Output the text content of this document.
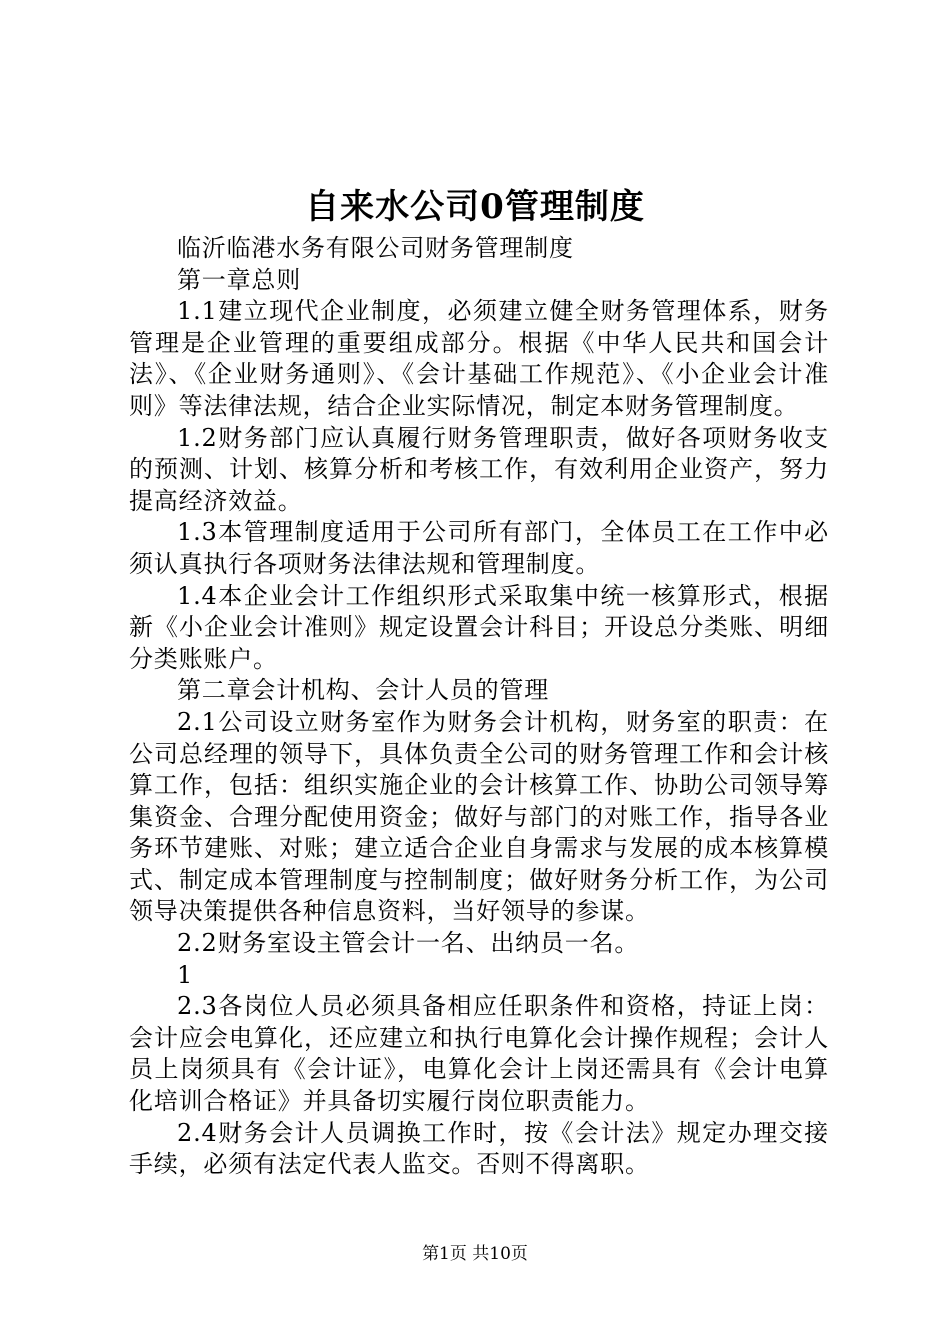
自来水公司0管理制度

临沂临港水务有限公司财务管理制度

第一章总则

1.1建立现代企业制度，必须建立健全财务管理体系，财务管理是企业管理的重要组成部分。根据《中华人民共和国会计法》、《企业财务通则》、《会计基础工作规范》、《小企业会计准则》等法律法规，结合企业实际情况，制定本财务管理制度。

1.2财务部门应认真履行财务管理职责，做好各项财务收支的预测、计划、核算分析和考核工作，有效利用企业资产，努力提高经济效益。

1.3本管理制度适用于公司所有部门，全体员工在工作中必须认真执行各项财务法律法规和管理制度。

1.4本企业会计工作组织形式采取集中统一核算形式，根据新《小企业会计准则》规定设置会计科目；开设总分类账、明细分类账账户。

第二章会计机构、会计人员的管理

2.1公司设立财务室作为财务会计机构，财务室的职责：在公司总经理的领导下，具体负责全公司的财务管理工作和会计核算工作，包括：组织实施企业的会计核算工作、协助公司领导筹集资金、合理分配使用资金；做好与部门的对账工作，指导各业务环节建账、对账；建立适合企业自身需求与发展的成本核算模式、制定成本管理制度与控制制度；做好财务分析工作，为公司领导决策提供各种信息资料，当好领导的参谋。

2.2财务室设主管会计一名、出纳员一名。

1

2.3各岗位人员必须具备相应任职条件和资格，持证上岗：会计应会电算化，还应建立和执行电算化会计操作规程；会计人员上岗须具有《会计证》，电算化会计上岗还需具有《会计电算化培训合格证》并具备切实履行岗位职责能力。

2.4财务会计人员调换工作时，按《会计法》规定办理交接手续，必须有法定代表人监交。否则不得离职。

第1页 共10页
